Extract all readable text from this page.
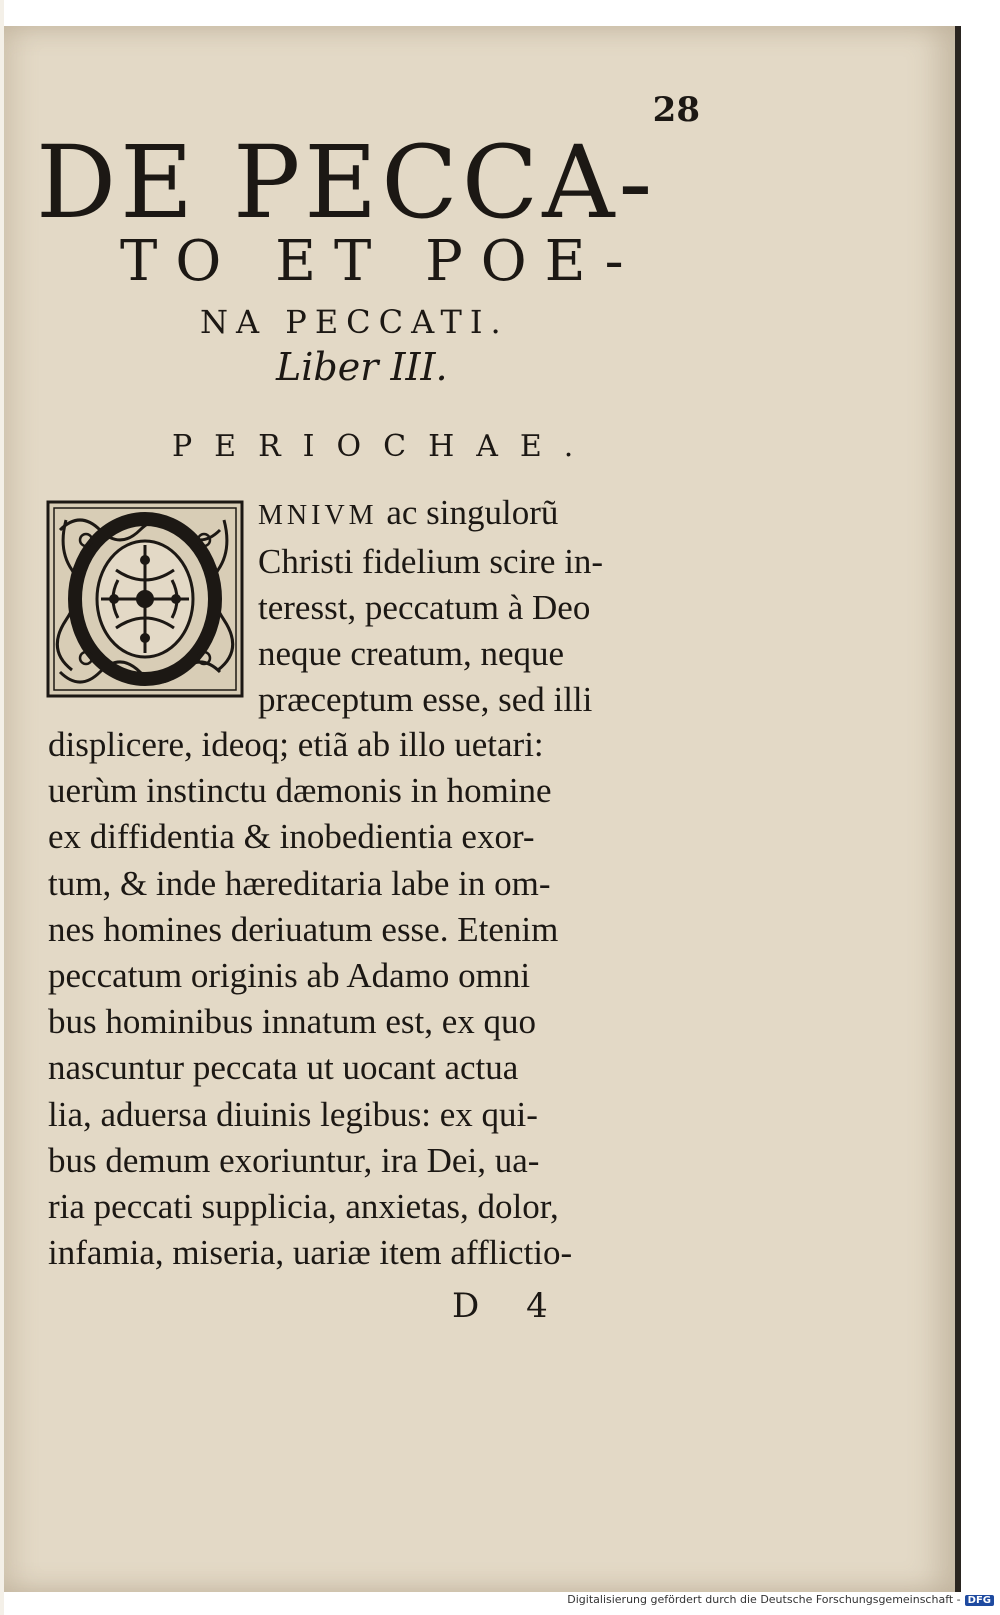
28
DE PECCA-
TO ET POE-
NA PECCATI.
Liber III.
PERIOCHAE.
MNIVM ac singulorũ
Christi fidelium scire in-
teresst, peccatum à Deo
neque creatum, neque
præceptum esse, sed illi
displicere, ideoq; etiã ab illo uetari:
uerùm instinctu dæmonis in homine
ex diffidentia & inobedientia exor-
tum, & inde hæreditaria labe in om-
nes homines deriuatum esse. Etenim
peccatum originis ab Adamo omni
bus hominibus innatum est, ex quo
nascuntur peccata ut uocant actua
lia, aduersa diuinis legibus: ex qui-
bus demum exoriuntur, ira Dei, ua-
ria peccati supplicia, anxietas, dolor,
infamia, miseria, uariæ item afflictio-
D 4
Digitalisierung gefördert durch die Deutsche Forschungsgemeinschaft - DFG
